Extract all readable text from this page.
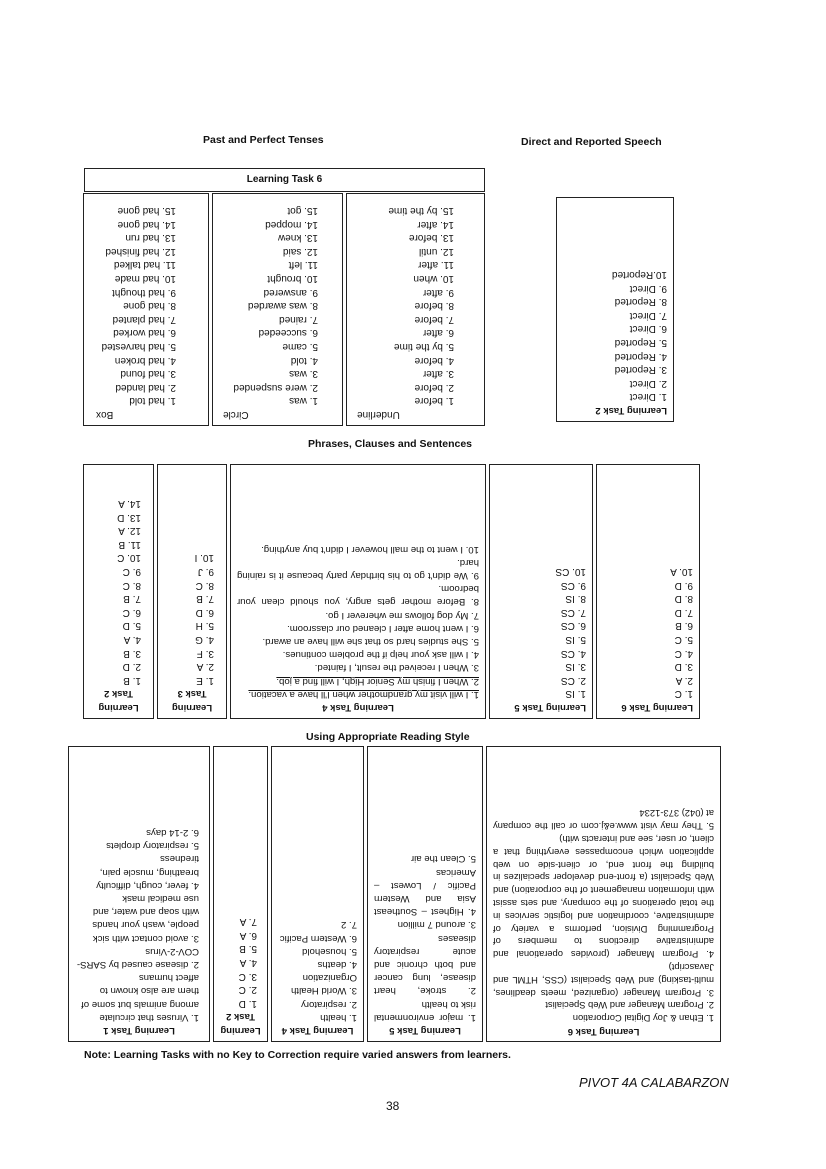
Past and Perfect Tenses	Direct and Reported Speech
Learning Task 6
Box
1. had told
2. had landed
3. had found
4. had broken
5. had harvested
6. had worked
7. had planted
8. had gone
9. had thought
10. had made
11. had talked
12. had finished
13. had run
14. had gone
15. had gone
Circle
1. was
2. were suspended
3. was
4. told
5. came
6. succeeded
7. rained
8. was awarded
9. answered
10. brought
11. left
12. said
13. knew
14. mopped
15. got
Underline
1. before
2. before
3. after
4. before
5. by the time
6. after
7. before
8. before
9. after
10. when
11. after
12. until
13. before
14. after
15. by the time
Learning Task 2
1. Direct
2. Direct
3. Reported
4. Reported
5. Reported
6. Direct
7. Direct
8. Reported
9. Direct
10.Reported
Phrases, Clauses and Sentences
Learning
Task 2
1. B
2. D
3. B
4. A
5. D
6. C
7. B
8. C
9. C
10. C
11. B
12. A
13. D
14. A
Learning
Task 3
1. E
2. A
3. F
4. G
5. H
6. D
7. B
8. C
9. J
10. I
Learning Task 4
1. I will visit my grandmother when I'll have a vacation.
2. When I finish my Senior High, I will find a job.
3. When I received the result, I fainted.
4. I will ask your help if the problem continues.
5. She studies hard so that she will have an award.
6. I went home after I cleaned our classroom.
7. My dog follows me wherever I go.
8. Before mother gets angry, you should clean your bedroom.
9. We didn't go to his birthday party because it is raining hard.
10. I went to the mall however I didn't buy anything.
Learning Task 5
1. IS
2. CS
3. IS
4. CS
5. IS
6. CS
7. CS
8. IS
9. CS
10. CS
Learning Task 6
1. C
2. A
3. D
4. C
5. C
6. B
7. D
8. D
9. D
10. A
Using Appropriate Reading Style
Learning Task 1
1. Viruses that circulate among animals but some of them are also known to affect humans
2. disease caused by SARS-COV-2-Virus
3. avoid contact with sick people, wash your hands with soap and water, and use medical mask
4. fever, cough, difficulty breathing, muscle pain, tiredness
5. respiratory droplets
6. 2-14 days
Learning
Task 2
1. D
2. C
3. C
4. A
5. B
6. A
7. A
Learning Task 4
1. health
2. respiratory
3. World Health Organization
4. deaths
5. household
6. Western Pacific
7. 2
Learning Task 5
1. major environmental risk to health
2. stroke, heart disease, lung cancer and both chronic and acute respiratory diseases
3. around 7 million
4. Highest – Southeast Asia and Western Pacific / Lowest – Americas
5. Clean the air
Learning Task 6
1. Ethan & Joy Digital Corporation
2. Program Manager and Web Specialist
3. Program Manager (organized, meets deadlines, multi-tasking) and Web Specialist (CSS, HTML and Javascript)
4. Program Manager (provides operational and administrative directions to members of Programming Division, performs a variety of administrative, coordination and logistic services in the total operations of the company, and sets assist with information management of the corporation) and Web Specialist (a front-end developer specializes in building the front end, or client-side on web application which encompasses everything that a client, or user, see and interacts with)
5. They may visit www.e&j.com or call the company at (042) 373-1234
Note: Learning Tasks with no Key to Correction require varied answers from learners.
PIVOT 4A CALABARZON
38
